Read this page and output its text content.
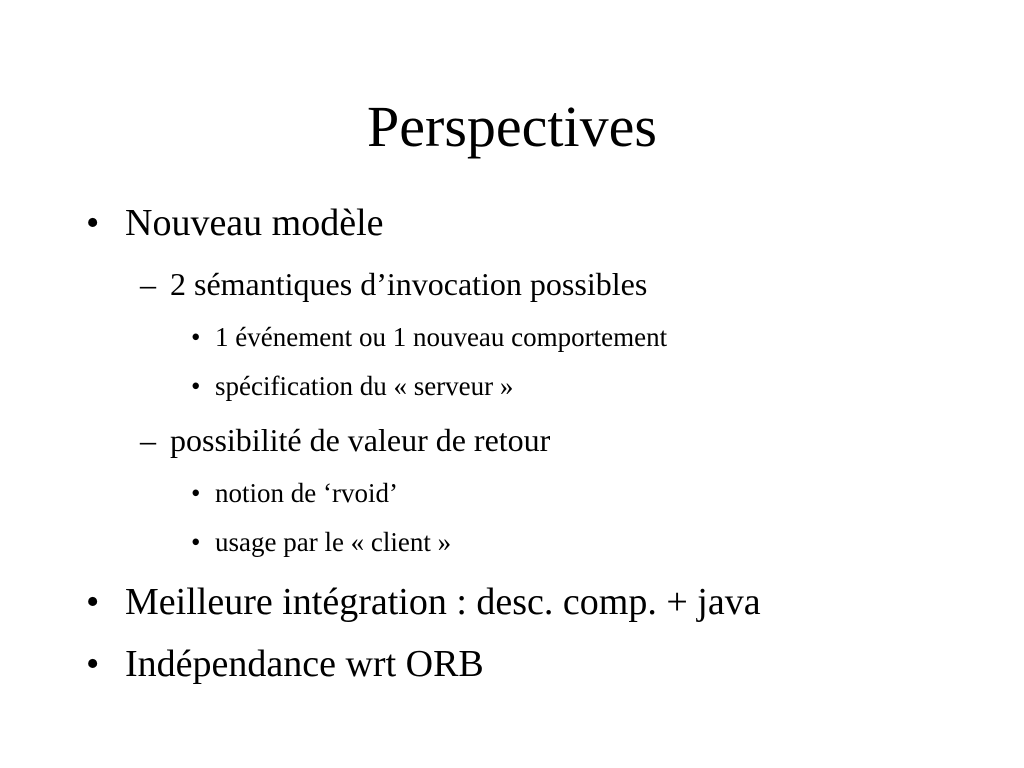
Perspectives
• Nouveau modèle
– 2 sémantiques d’invocation possibles
• 1 événement ou 1 nouveau comportement
• spécification du « serveur »
– possibilité de valeur de retour
• notion de ‘rvoid’
• usage par le « client »
• Meilleure intégration : desc. comp. + java
• Indépendance wrt ORB
